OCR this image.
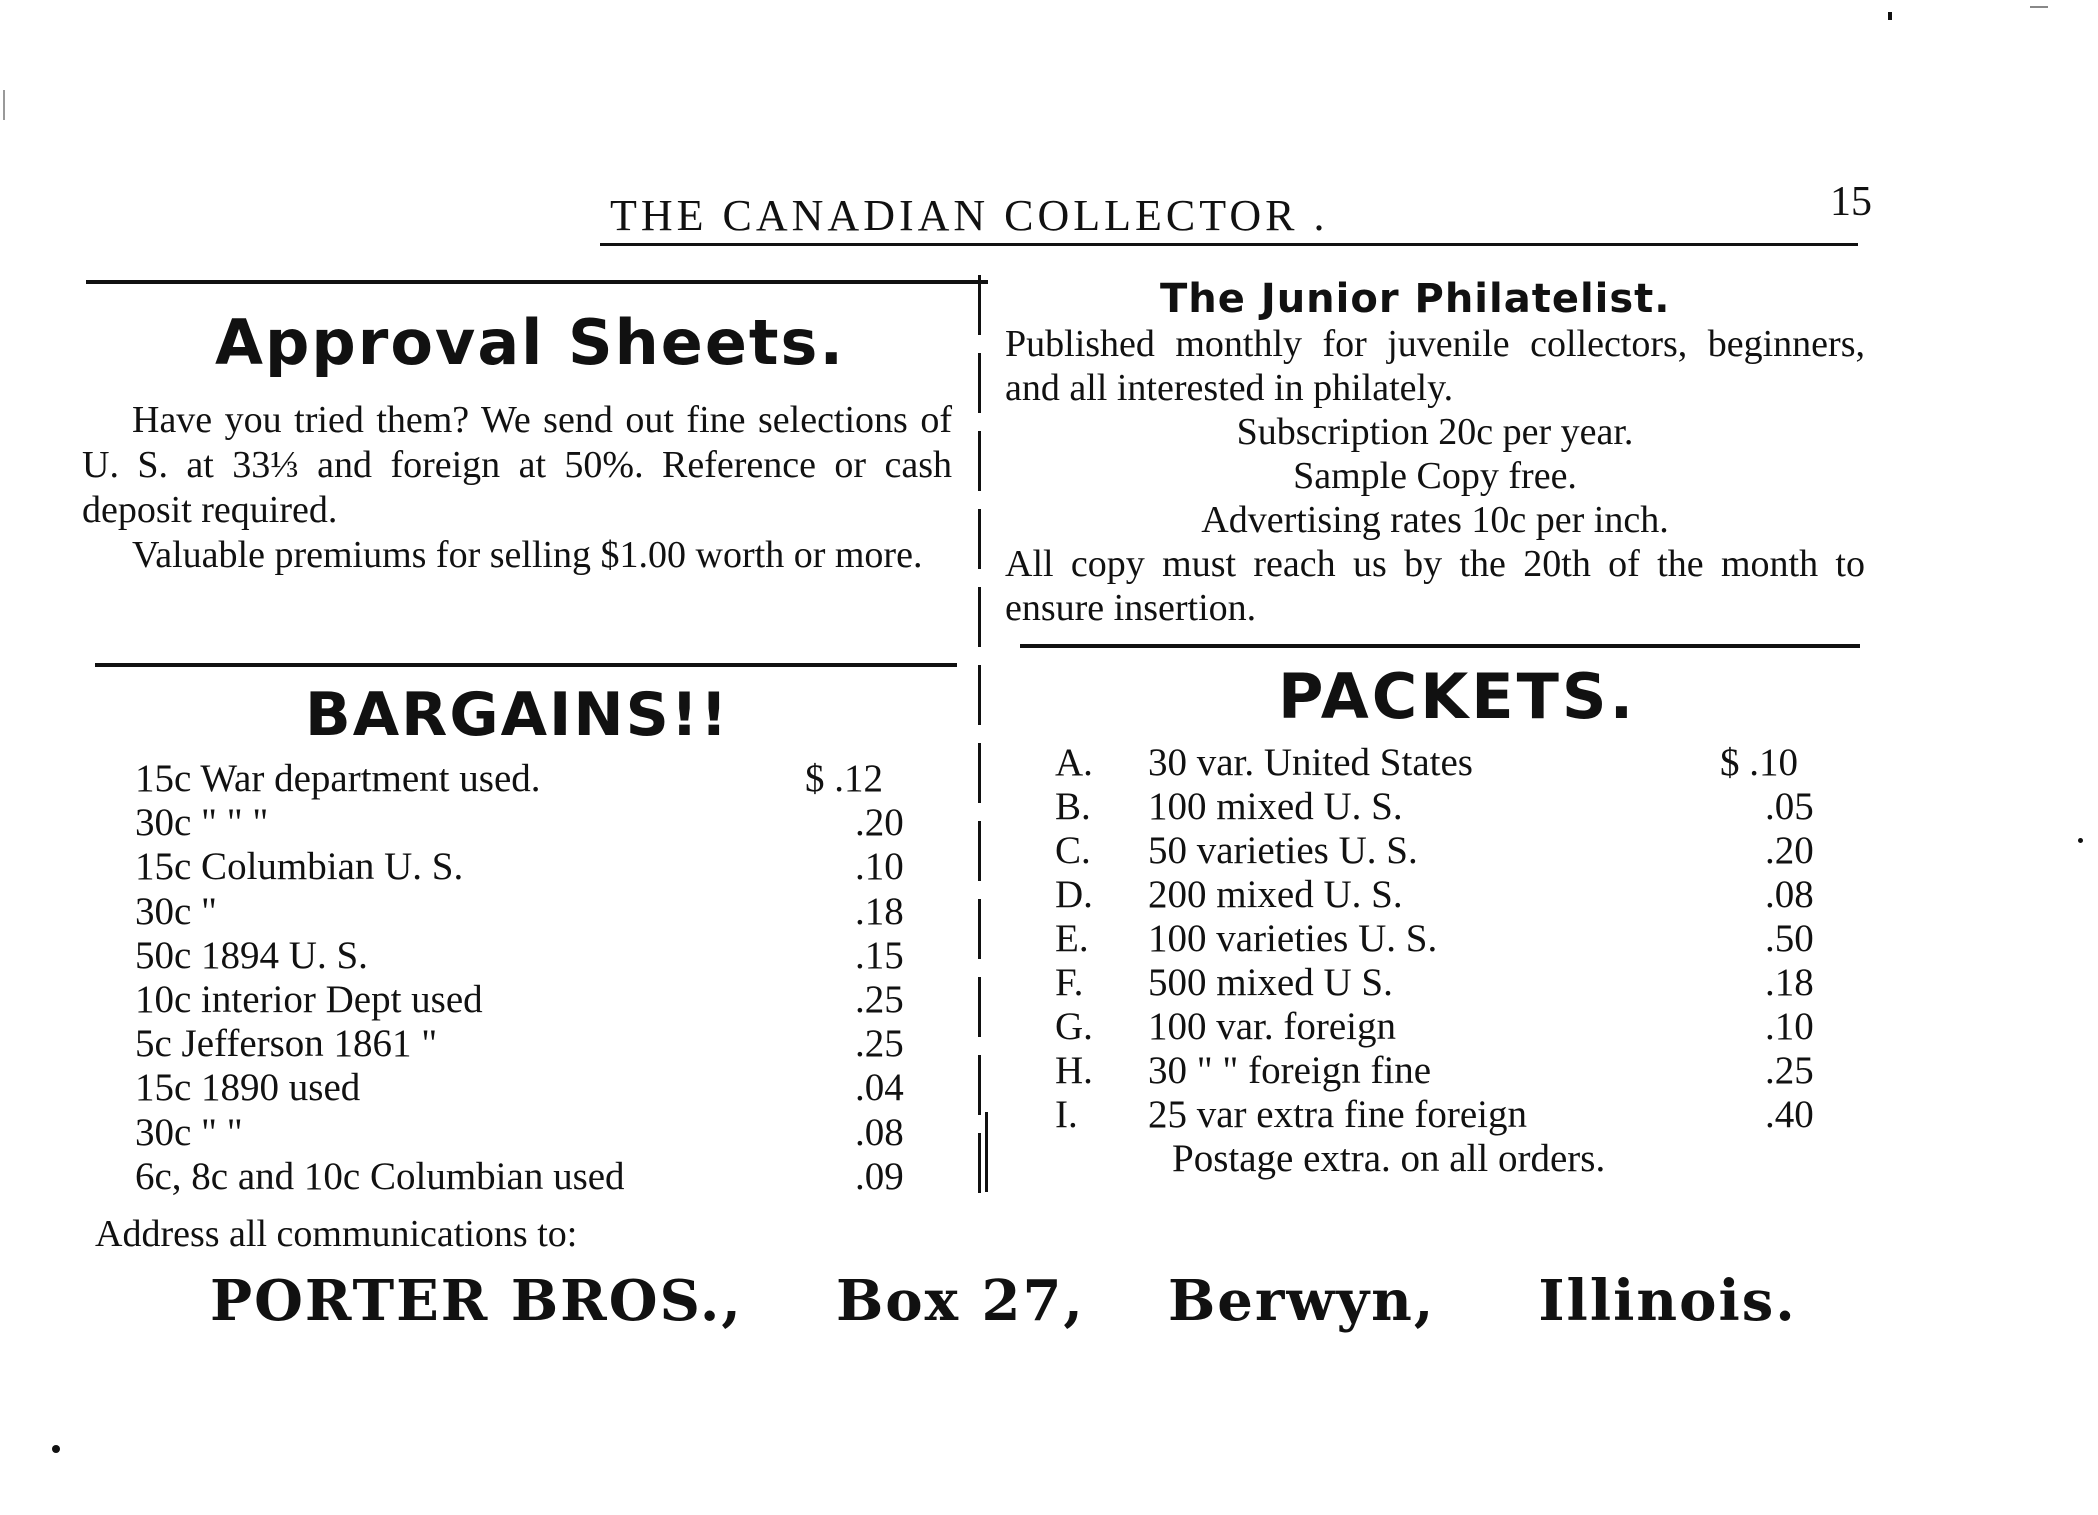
THE CANADIAN COLLECTOR .	15
Approval Sheets.

Have you tried them? We send out fine selections of U. S. at 33⅓ and foreign at 50%. Reference or cash deposit required.

Valuable premiums for selling $1.00 worth or more.

The Junior Philatelist.
Published monthly for juvenile collectors, beginners, and all interested in philately.
Subscription 20c per year.
Sample Copy free.
Advertising rates 10c per inch.
All copy must reach us by the 20th of the month to ensure insertion.
BARGAINS!!
15c War department used.	$ .12
30c " " "	.20
15c Columbian U. S.	.10
30c "	.18
50c 1894 U. S.	.15
10c interior Dept used	.25
5c Jefferson 1861 "	.25
15c 1890 used	.04
30c " "	.08
6c, 8c and 10c Columbian used	.09
PACKETS.
A. 30 var. United States	$ .10
B. 100 mixed U. S.	.05
C. 50 varieties U. S.	.20
D. 200 mixed U. S.	.08
E. 100 varieties U. S.	.50
F. 500 mixed U S.	.18
G. 100 var. foreign	.10
H. 30 " " foreign fine	.25
I. 25 var extra fine foreign	.40
Postage extra. on all orders.
Address all communications to:
PORTER BROS., Box 27, Berwyn, Illinois.
